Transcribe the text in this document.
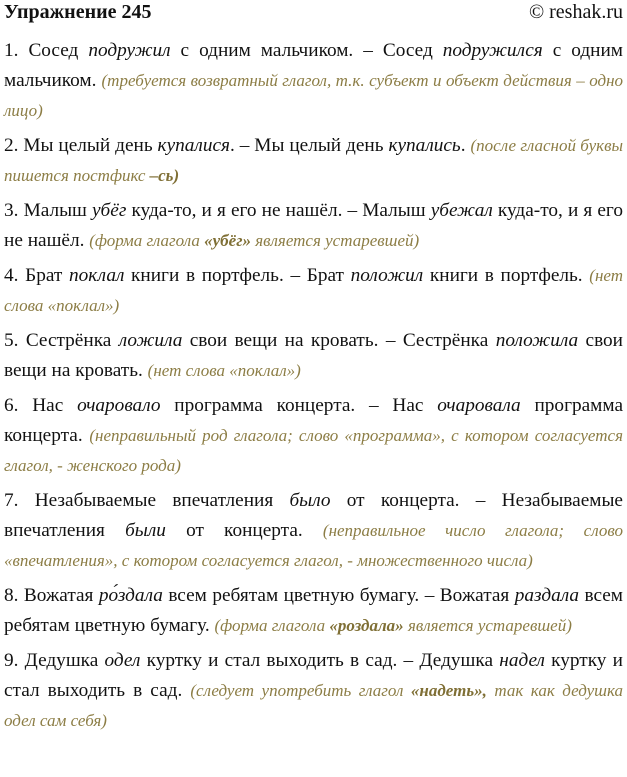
Упражнение 245	© reshak.ru

1. Сосед подружил с одним мальчиком. – Сосед подружился с одним мальчиком. (требуется возвратный глагол, т.к. субъект и объект действия – одно лицо)

2. Мы целый день купалися. – Мы целый день купались. (после гласной буквы пишется постфикс –сь)

3. Малыш убёг куда-то, и я его не нашёл. – Малыш убежал куда-то, и я его не нашёл. (форма глагола «убёг» является устаревшей)

4. Брат поклал книги в портфель. – Брат положил книги в портфель. (нет слова «поклал»)

5. Сестрёнка ложила свои вещи на кровать. – Сестрёнка положила свои вещи на кровать. (нет слова «поклал»)

6. Нас очаровало программа концерта. – Нас очаровала программа концерта. (неправильный род глагола; слово «программа», с котором согласуется глагол, - женского рода)

7. Незабываемые впечатления было от концерта. – Незабываемые впечатления были от концерта. (неправильное число глагола; слово «впечатления», с котором согласуется глагол, - множественного числа)

8. Вожатая ро́здала всем ребятам цветную бумагу. – Вожатая раздала всем ребятам цветную бумагу. (форма глагола «роздала» является устаревшей)

9. Дедушка одел куртку и стал выходить в сад. – Дедушка надел куртку и стал выходить в сад. (следует употребить глагол «надеть», так как дедушка одел сам себя)
